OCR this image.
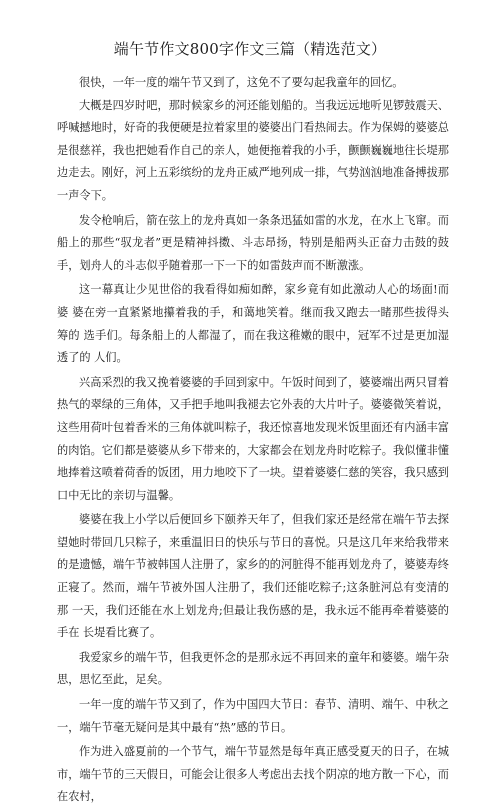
端午节作文800字作文三篇（精选范文）

很快，一年一度的端午节又到了，这免不了要勾起我童年的回忆。

大概是四岁时吧，那时候家乡的河还能划船的。当我远远地听见锣鼓震天、 呼喊撼地时，好奇的我便硬是拉着家里的婆婆出门看热闹去。作为保姆的婆婆总 是很慈祥，我也把她看作自己的亲人，她便拖着我的小手，颤颤巍巍地往长堤那 边走去。刚好，河上五彩缤纷的龙舟正威严地列成一排，气势汹汹地准备搏拔那 一声令下。

发令枪响后，箭在弦上的龙舟真如一条条迅猛如雷的水龙，在水上飞窜。而 船上的那些“驭龙者”更是精神抖擞、斗志昂扬，特别是船两头正奋力击鼓的鼓 手，划舟人的斗志似乎随着那一下一下的如雷鼓声而不断激涨。

这一幕真让少见世俗的我看得如痴如醉，家乡竟有如此激动人心的场面!而婆 婆在旁一直紧紧地攥着我的手，和蔼地笑着。继而我又跑去一睹那些拔得头筹的 选手们。每条船上的人都湿了，而在我这稚嫩的眼中，冠军不过是更加湿透了的 人们。

兴高采烈的我又挽着婆婆的手回到家中。午饭时间到了，婆婆端出两只冒着 热气的翠绿的三角体，又手把手地叫我褪去它外表的大片叶子。婆婆微笑着说， 这些用荷叶包着香米的三角体就叫粽子，我还惊喜地发现米饭里面还有内涵丰富 的肉馅。它们都是婆婆从乡下带来的，大家都会在划龙舟时吃粽子。我似懂非懂 地捧着这喷着荷香的饭团，用力地咬下了一块。望着婆婆仁慈的笑容，我只感到 口中无比的亲切与温馨。

婆婆在我上小学以后便回乡下颐养天年了，但我们家还是经常在端午节去探 望她时带回几只粽子，来重温旧日的快乐与节日的喜悦。只是这几年来给我带来 的是遗憾，端午节被韩国人注册了，家乡的的河脏得不能再划龙舟了，婆婆寿终 正寝了。然而，端午节被外国人注册了，我们还能吃粽子;这条脏河总有变清的那 一天，我们还能在水上划龙舟;但最让我伤感的是，我永远不能再牵着婆婆的手在 长堤看比赛了。

我爱家乡的端午节，但我更怀念的是那永远不再回来的童年和婆婆。端午杂 思，思忆至此，足矣。

一年一度的端午节又到了，作为中国四大节日：春节、清明、端午、中秋之 一，端午节毫无疑问是其中最有“热”感的节日。

作为进入盛夏前的一个节气，端午节显然是每年真正感受夏天的日子，在城 市，端午节的三天假日，可能会让很多人考虑出去找个阴凉的地方散一下心，而 在农村，
